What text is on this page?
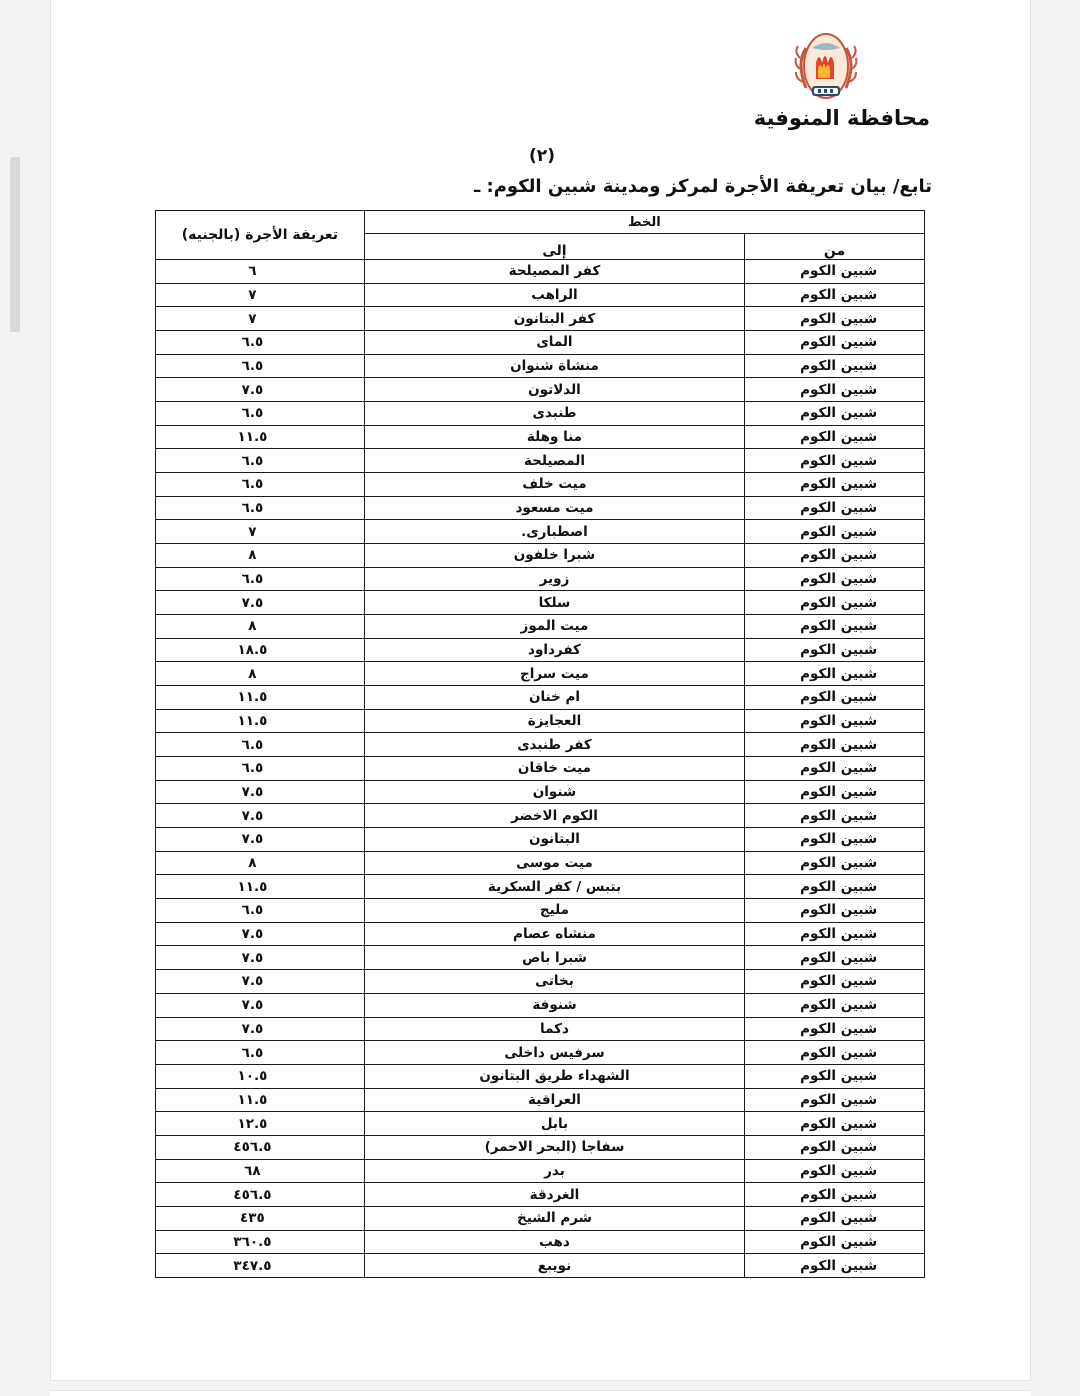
محافظة المنوفية
(٢)
تابع/ بيان تعريفة الأجرة لمركز ومدينة شبين الكوم: ـ
تعريفة الأجرة (بالجنيه)	الخط	
	إلى	من
٦	كفر المصيلحة	شبين الكوم
٧	الراهب	شبين الكوم
٧	كفر البتانون	شبين الكوم
٦.٥	الماى	شبين الكوم
٦.٥	منشاة شنوان	شبين الكوم
٧.٥	الدلاتون	شبين الكوم
٦.٥	طنبدى	شبين الكوم
١١.٥	منا وهلة	شبين الكوم
٦.٥	المصيلحة	شبين الكوم
٦.٥	ميت خلف	شبين الكوم
٦.٥	ميت مسعود	شبين الكوم
٧	اصطبارى.	شبين الكوم
٨	شبرا خلفون	شبين الكوم
٦.٥	زوير	شبين الكوم
٧.٥	سلكا	شبين الكوم
٨	ميت الموز	شبين الكوم
١٨.٥	كفرداود	شبين الكوم
٨	ميت سراج	شبين الكوم
١١.٥	ام خنان	شبين الكوم
١١.٥	العجايزة	شبين الكوم
٦.٥	كفر طنبدى	شبين الكوم
٦.٥	ميت خاقان	شبين الكوم
٧.٥	شنوان	شبين الكوم
٧.٥	الكوم الاخضر	شبين الكوم
٧.٥	البتانون	شبين الكوم
٨	ميت موسى	شبين الكوم
١١.٥	بتبس / كفر السكرية	شبين الكوم
٦.٥	مليج	شبين الكوم
٧.٥	منشاه عصام	شبين الكوم
٧.٥	شبرا باص	شبين الكوم
٧.٥	بخاتى	شبين الكوم
٧.٥	شنوفة	شبين الكوم
٧.٥	دكما	شبين الكوم
٦.٥	سرفيس داخلى	شبين الكوم
١٠.٥	الشهداء طريق البتانون	شبين الكوم
١١.٥	العراقية	شبين الكوم
١٢.٥	بابل	شبين الكوم
٤٥٦.٥	سفاجا (البحر الاحمر)	شبين الكوم
٦٨	بدر	شبين الكوم
٤٥٦.٥	الغردقة	شبين الكوم
٤٣٥	شرم الشيخ	شبين الكوم
٣٦٠.٥	دهب	شبين الكوم
٣٤٧.٥	نويبع	شبين الكوم
